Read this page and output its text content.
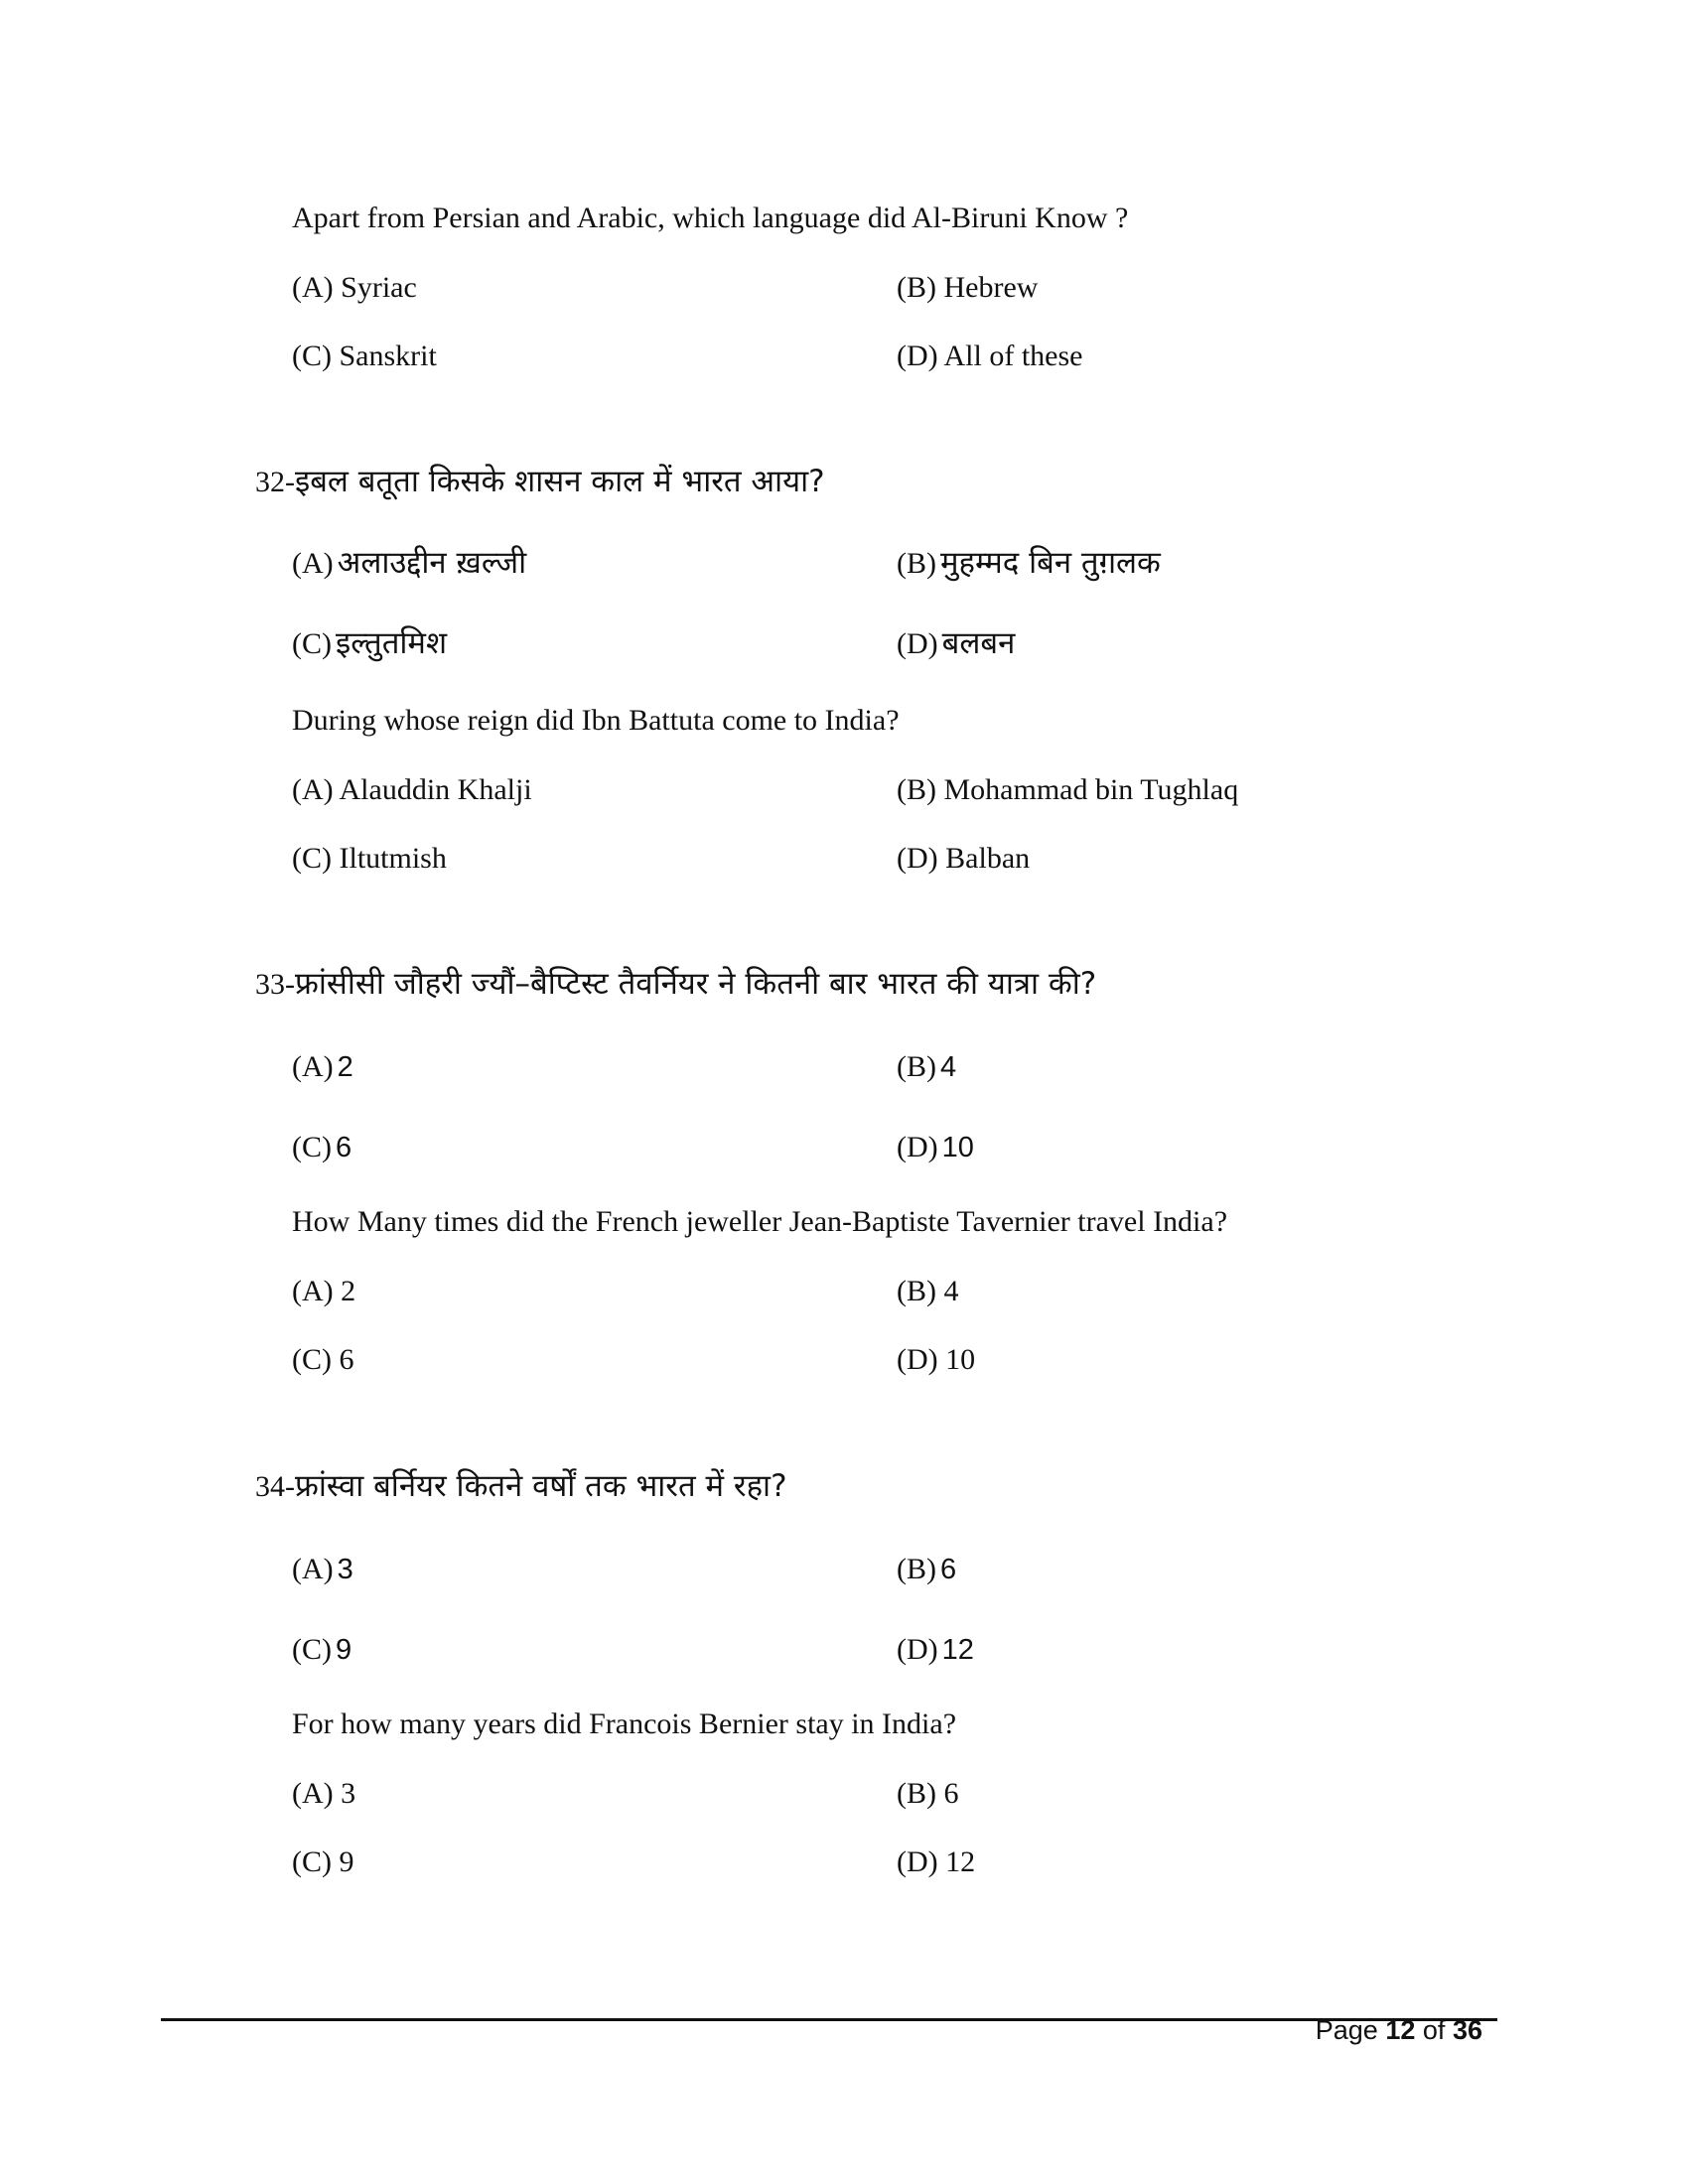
Apart from Persian and Arabic, which language did Al-Biruni Know ?
(A) Syriac	(B) Hebrew
(C) Sanskrit	(D) All of these
32-इबल बतूता किसके शासन काल में भारत आया?
(A) अलाउद्दीन ख़ल्जी	(B) मुहम्मद बिन तुग़लक
(C) इल्तुतमिश	(D) बलबन
During whose reign did Ibn Battuta come to India?
(A) Alauddin Khalji	(B) Mohammad bin Tughlaq
(C) Iltutmish	(D) Balban
33-फ्रांसीसी जौहरी ज्यौं–बैप्टिस्ट तैवर्नियर ने कितनी बार भारत की यात्रा की?
(A) 2	(B) 4
(C) 6	(D) 10
How Many times did the French jeweller Jean-Baptiste Tavernier travel India?
(A) 2	(B) 4
(C) 6	(D) 10
34-फ्रांस्वा बर्नियर कितने वर्षों तक भारत में रहा?
(A) 3	(B) 6
(C) 9	(D) 12
For how many years did Francois Bernier stay in India?
(A) 3	(B) 6
(C) 9	(D) 12
Page 12 of 36
